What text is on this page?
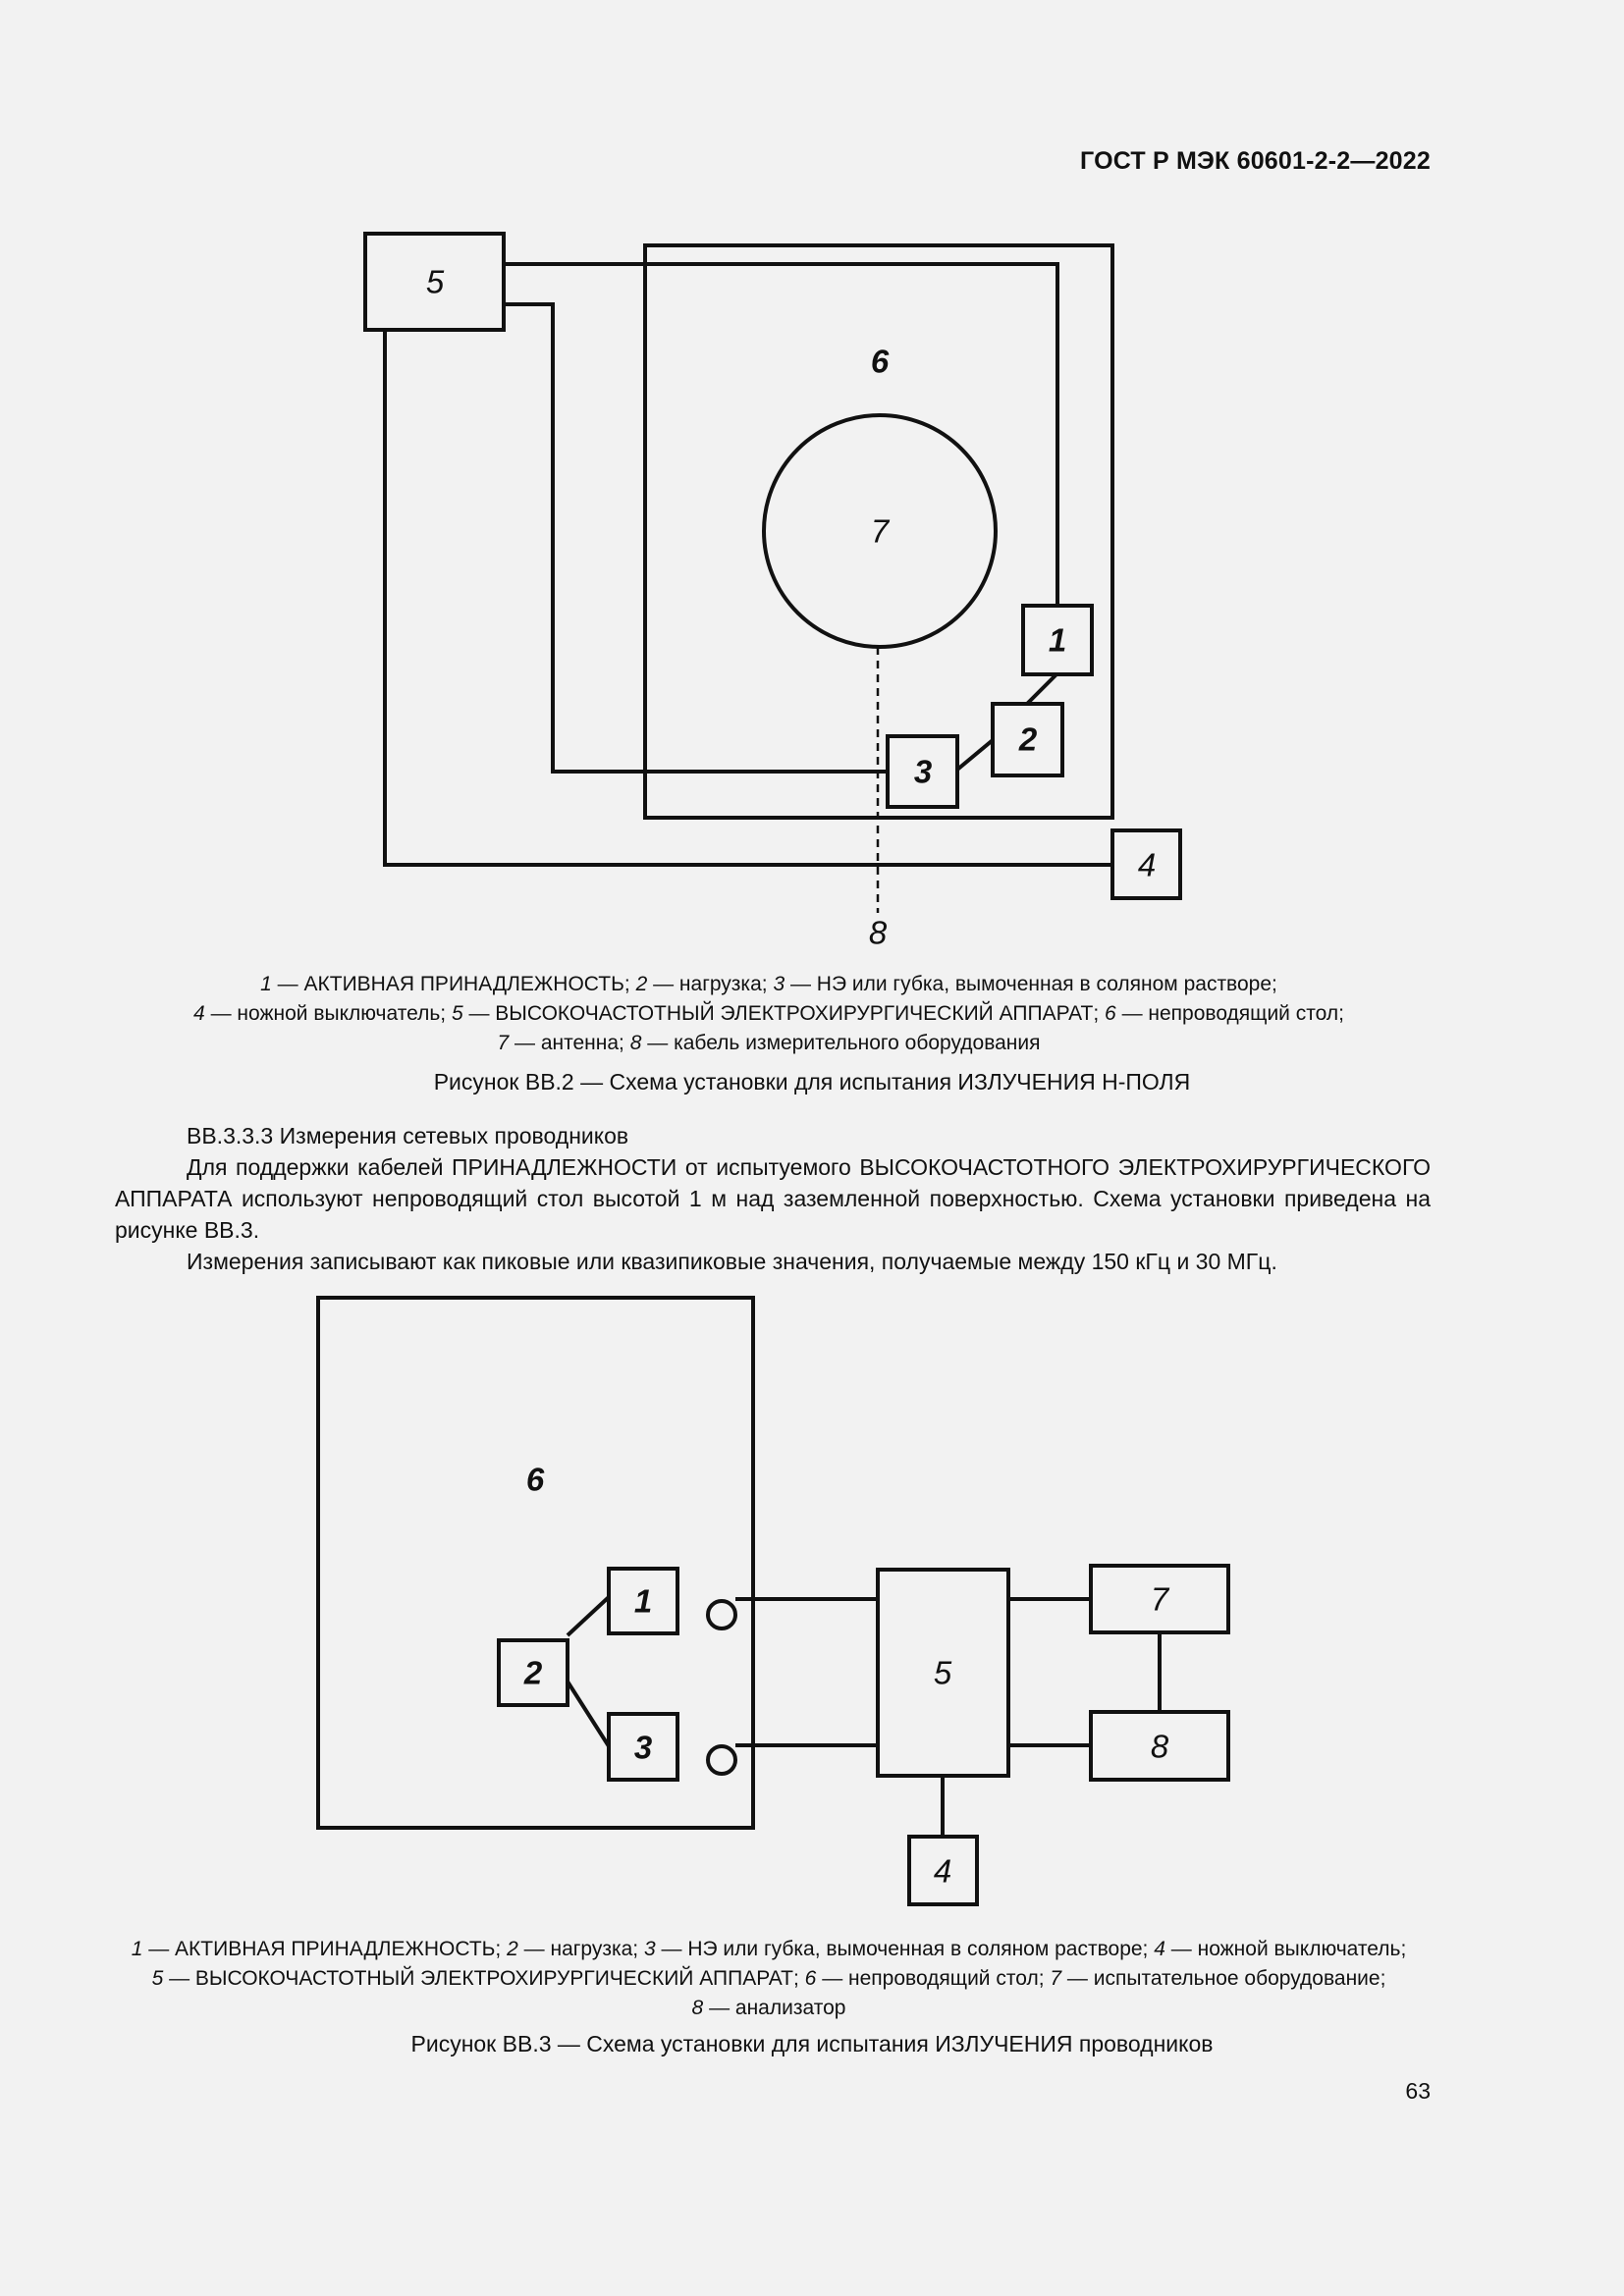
ГОСТ Р МЭК 60601-2-2—2022
5
6
7
1
2
3
4
8
1 — АКТИВНАЯ ПРИНАДЛЕЖНОСТЬ; 2 — нагрузка; 3 — НЭ или губка, вымоченная в соляном растворе;
4 — ножной выключатель; 5 — ВЫСОКОЧАСТОТНЫЙ ЭЛЕКТРОХИРУРГИЧЕСКИЙ АППАРАТ; 6 — непроводящий стол;
7 — антенна; 8 — кабель измерительного оборудования
Рисунок ВВ.2 — Схема установки для испытания ИЗЛУЧЕНИЯ Н-ПОЛЯ

ВВ.3.3.3 Измерения сетевых проводников

Для поддержки кабелей ПРИНАДЛЕЖНОСТИ от испытуемого ВЫСОКОЧАСТОТНОГО ЭЛЕКТРОХИРУРГИЧЕСКОГО АППАРАТА используют непроводящий стол высотой 1 м над заземленной поверхностью. Схема установки приведена на рисунке ВВ.3.

Измерения записывают как пиковые или квазипиковые значения, получаемые между 150 кГц и 30 МГц.

6
1
2
3
5
7
8
4
1 — АКТИВНАЯ ПРИНАДЛЕЖНОСТЬ; 2 — нагрузка; 3 — НЭ или губка, вымоченная в соляном растворе; 4 — ножной выключатель;
5 — ВЫСОКОЧАСТОТНЫЙ ЭЛЕКТРОХИРУРГИЧЕСКИЙ АППАРАТ; 6 — непроводящий стол; 7 — испытательное оборудование;
8 — анализатор
Рисунок ВВ.3 — Схема установки для испытания ИЗЛУЧЕНИЯ проводников
63
